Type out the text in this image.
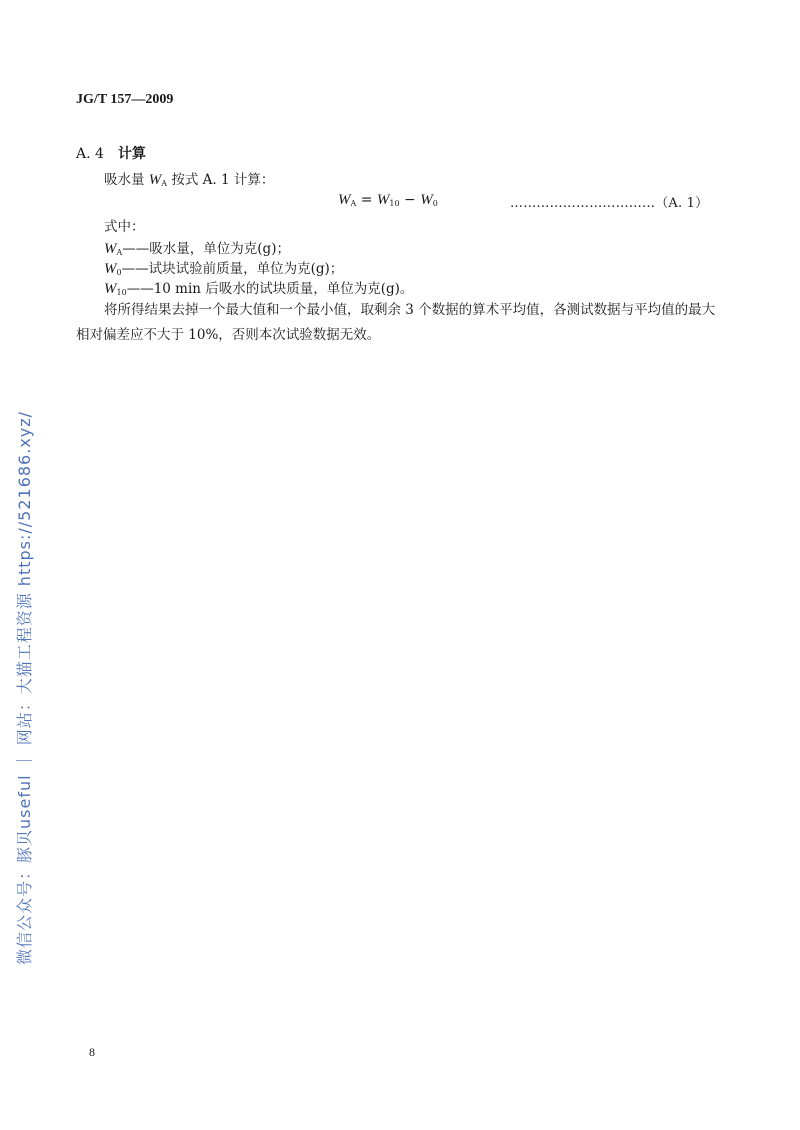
JG/T 157—2009
A. 4 计算
吸水量 $W_A$ 按式 A. 1 计算：
$W_A = W_{10} - W_0$	……………………………（A. 1）
式中：
$W_A——$吸水量，单位为克(g)；
$W_0——$试块试验前质量，单位为克(g)；
$W_{10}——10$ min 后吸水的试块质量，单位为克(g)。
将所得结果去掉一个最大值和一个最小值，取剩余 3 个数据的算术平均值，各测试数据与平均值的最大相对偏差应不大于 10%，否则本次试验数据无效。
微信公众号：豚贝useful ｜ 网站：大猫工程资源 https://521686.xyz/
8
